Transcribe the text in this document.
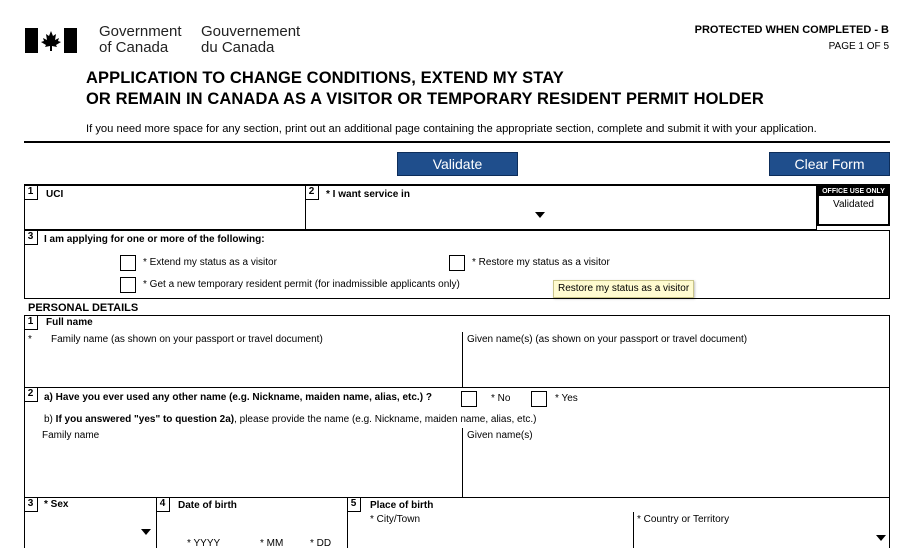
Government
of Canada
Gouvernement
du Canada
PROTECTED WHEN COMPLETED - B
PAGE 1 OF 5
APPLICATION TO CHANGE CONDITIONS, EXTEND MY STAY
OR REMAIN IN CANADA AS A VISITOR OR TEMPORARY RESIDENT PERMIT HOLDER
If you need more space for any section, print out an additional page containing the appropriate section, complete and submit it with your application.
Validate	Clear Form
1	UCI	2	* I want service in	OFFICE USE ONLY
Validated
3	I am applying for one or more of the following:
* Extend my status as a visitor	* Restore my status as a visitor
* Get a new temporary resident permit (for inadmissible applicants only)	Restore my status as a visitor
PERSONAL DETAILS
1	Full name
* Family name (as shown on your passport or travel document)	Given name(s) (as shown on your passport or travel document)
2	a) Have you ever used any other name (e.g. Nickname, maiden name, alias, etc.) ?	* No	* Yes
b) If you answered "yes" to question 2a), please provide the name (e.g. Nickname, maiden name, alias, etc.)
Family name	Given name(s)
3	* Sex	4	Date of birth
* YYYY	* MM	* DD
5	Place of birth
* City/Town	* Country or Territory
